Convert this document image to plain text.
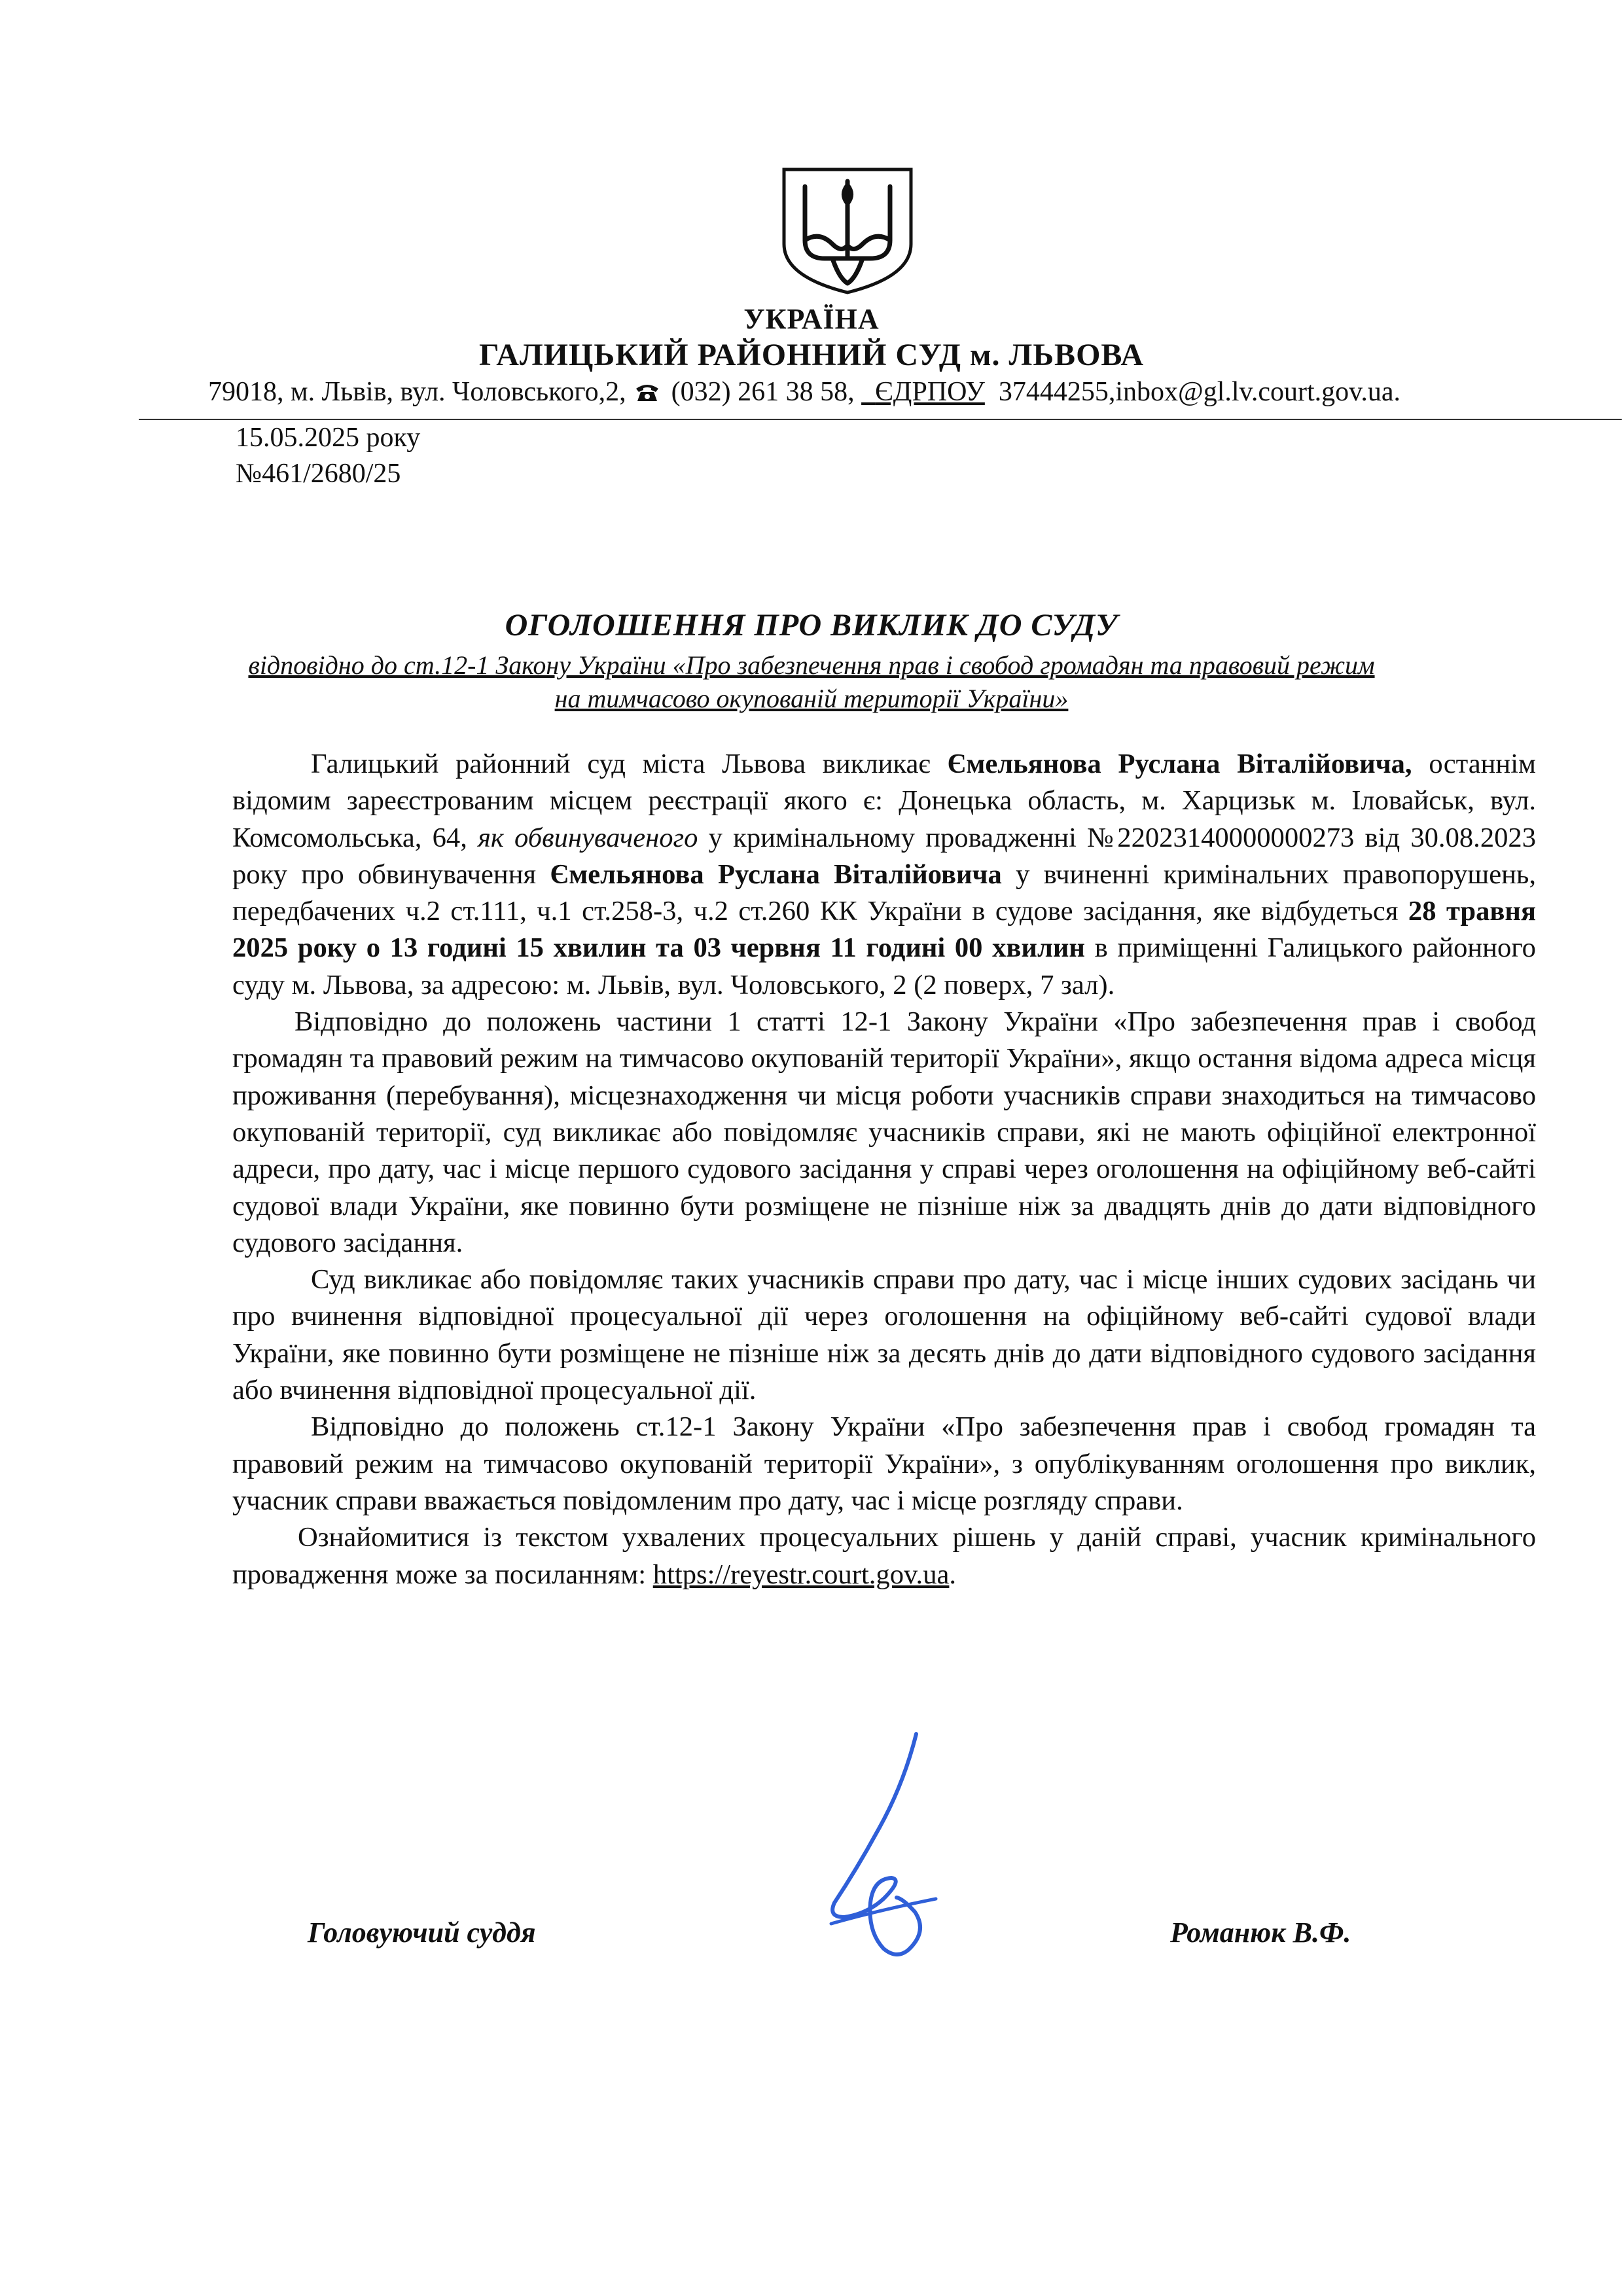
УКРАЇНА
ГАЛИЦЬКИЙ РАЙОННИЙ СУД м. ЛЬВОВА
79018, м. Львів, вул. Чоловського,2, (032) 261 38 58, ЄДРПОУ 37444255,inbox@gl.lv.court.gov.ua.
15.05.2025 року
№461/2680/25
ОГОЛОШЕННЯ ПРО ВИКЛИК ДО СУДУ
відповідно до ст.12-1 Закону України «Про забезпечення прав і свобод громадян та правовий режим
на тимчасово окупованій території України»

Галицький районний суд міста Львова викликає Ємельянова Руслана Віталійовича, останнім відомим зареєстрованим місцем реєстрації якого є: Донецька область, м. Харцизьк м. Іловайськ, вул. Комсомольська, 64, як обвинуваченого у кримінальному провадженні №22023140000000273 від 30.08.2023 року про обвинувачення Ємельянова Руслана Віталійовича у вчиненні кримінальних правопорушень, передбачених ч.2 ст.111, ч.1 ст.258-3, ч.2 ст.260 КК України в судове засідання, яке відбудеться 28 травня 2025 року о 13 годині 15 хвилин та 03 червня 11 годині 00 хвилин в приміщенні Галицького районного суду м. Львова, за адресою: м. Львів, вул. Чоловського, 2 (2 поверх, 7 зал).

Відповідно до положень частини 1 статті 12-1 Закону України «Про забезпечення прав і свобод громадян та правовий режим на тимчасово окупованій території України», якщо остання відома адреса місця проживання (перебування), місцезнаходження чи місця роботи учасників справи знаходиться на тимчасово окупованій території, суд викликає або повідомляє учасників справи, які не мають офіційної електронної адреси, про дату, час і місце першого судового засідання у справі через оголошення на офіційному веб-сайті судової влади України, яке повинно бути розміщене не пізніше ніж за двадцять днів до дати відповідного судового засідання.

Суд викликає або повідомляє таких учасників справи про дату, час і місце інших судових засідань чи про вчинення відповідної процесуальної дії через оголошення на офіційному веб-сайті судової влади України, яке повинно бути розміщене не пізніше ніж за десять днів до дати відповідного судового засідання або вчинення відповідної процесуальної дії.

Відповідно до положень ст.12-1 Закону України «Про забезпечення прав і свобод громадян та правовий режим на тимчасово окупованій території України», з опублікуванням оголошення про виклик, учасник справи вважається повідомленим про дату, час і місце розгляду справи.

Ознайомитися із текстом ухвалених процесуальних рішень у даній справі, учасник кримінального провадження може за посиланням: https://reyestr.court.gov.ua.

Головуючий суддя	Романюк В.Ф.
